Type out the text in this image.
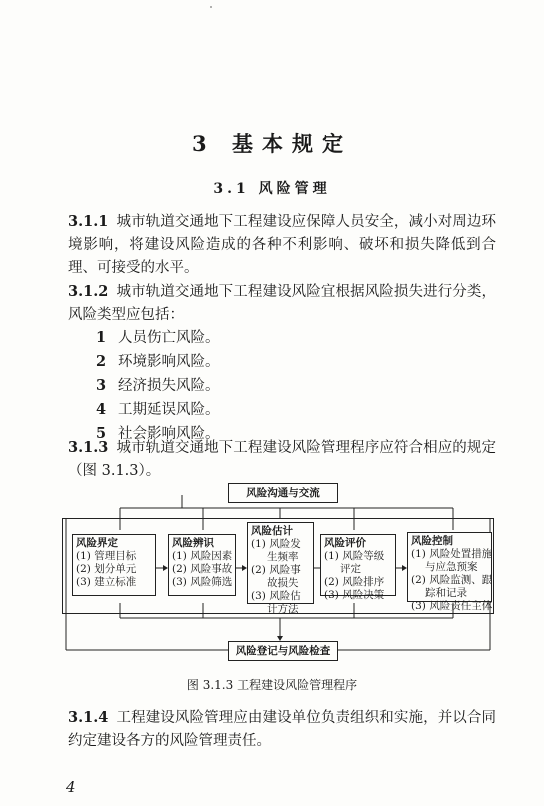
3 基本规定
3.1 风险管理
3.1.1 城市轨道交通地下工程建设应保障人员安全，减小对周边环境影响，将建设风险造成的各种不利影响、破坏和损失降低到合理、可接受的水平。
3.1.2 城市轨道交通地下工程建设风险宜根据风险损失进行分类，风险类型应包括：
1 人员伤亡风险。
2 环境影响风险。
3 经济损失风险。
4 工期延误风险。
5 社会影响风险。
3.1.3 城市轨道交通地下工程建设风险管理程序应符合相应的规定（图 3.1.3）。
风险沟通与交流
风险界定
(1) 管理目标
(2) 划分单元
(3) 建立标准
风险辨识
(1) 风险因素
(2) 风险事故
(3) 风险筛选
风险估计
(1) 风险发
生频率
(2) 风险事
故损失
(3) 风险估
计方法
风险评价
(1) 风险等级
评定
(2) 风险排序
(3) 风险决策
风险控制
(1) 风险处置措施
与应急预案
(2) 风险监测、跟
踪和记录
(3) 风险责任主体
风险登记与风险检查
图 3.1.3 工程建设风险管理程序
3.1.4 工程建设风险管理应由建设单位负责组织和实施，并以合同约定建设各方的风险管理责任。
4
